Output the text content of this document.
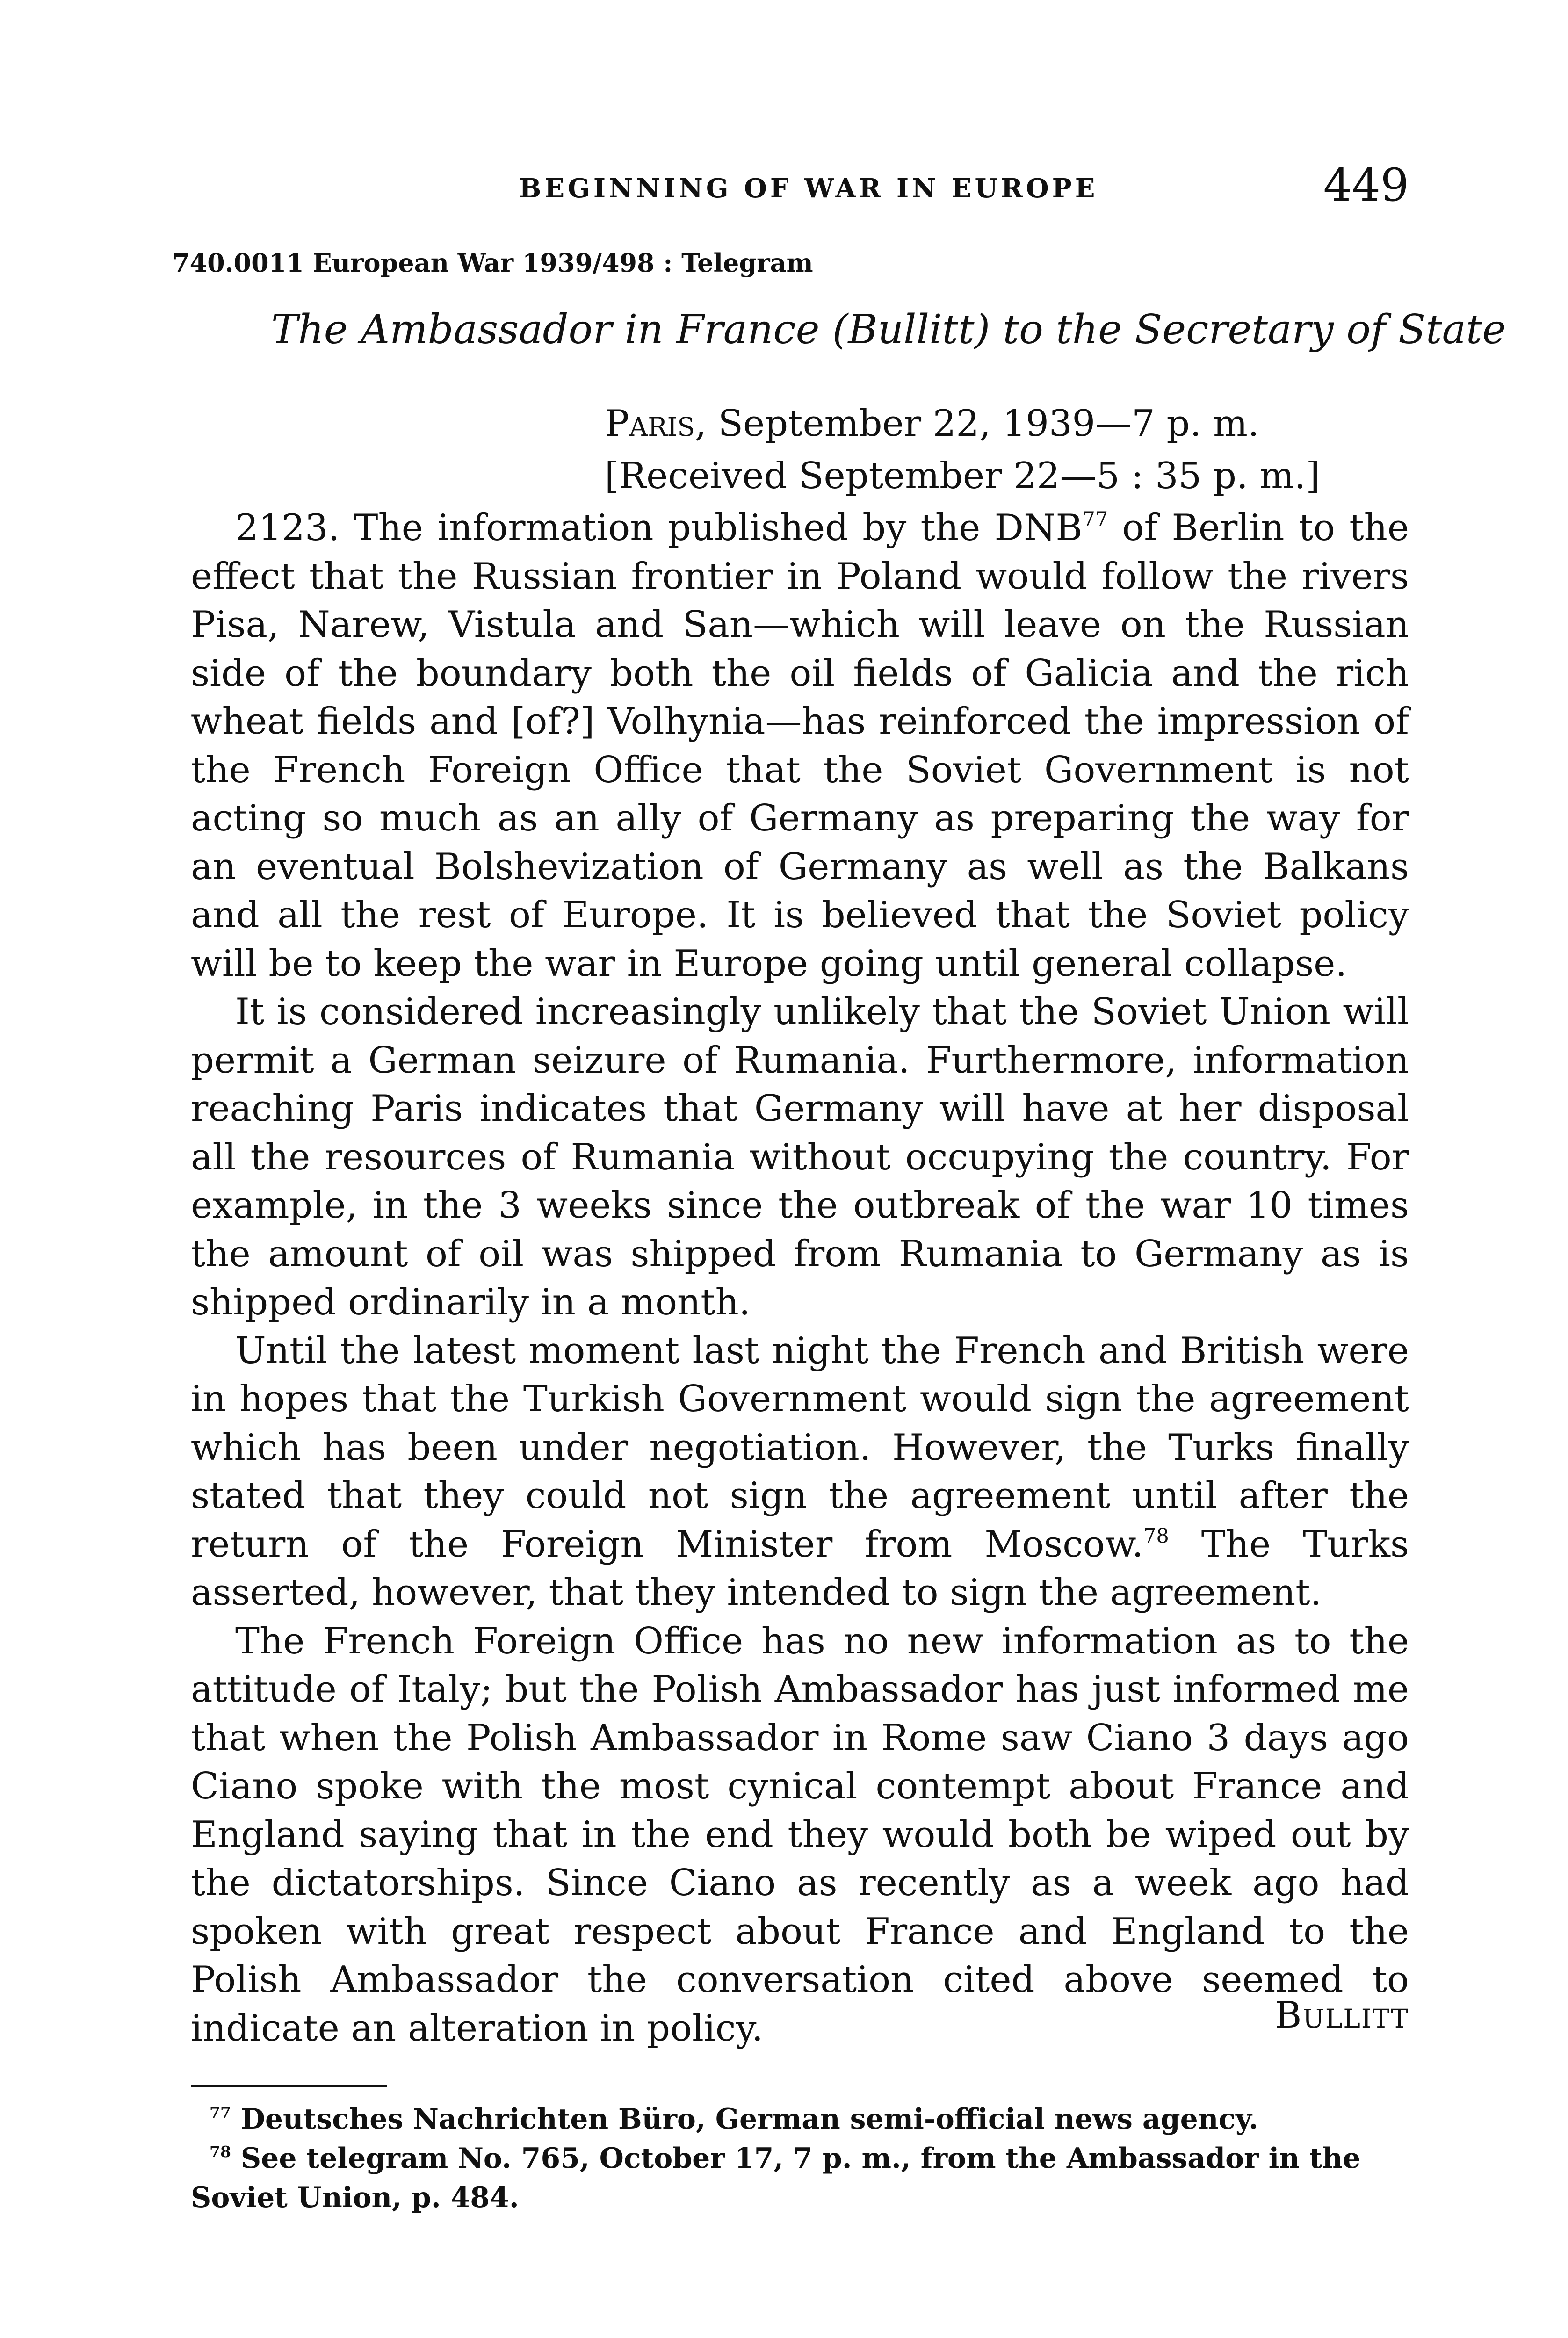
BEGINNING OF WAR IN EUROPE	449
740.0011 European War 1939/498 : Telegram
The Ambassador in France (Bullitt) to the Secretary of State
Paris, September 22, 1939—7 p. m.
[Received September 22—5 : 35 p. m.]

2123. The information published by the DNB$^{77}$ of Berlin to the effect that the Russian frontier in Poland would follow the rivers Pisa, Narew, Vistula and San—which will leave on the Russian side of the boundary both the oil fields of Galicia and the rich wheat fields and [of?] Volhynia—has reinforced the impression of the French Foreign Office that the Soviet Government is not acting so much as an ally of Germany as preparing the way for an eventual Bolshevization of Germany as well as the Balkans and all the rest of Europe. It is believed that the Soviet policy will be to keep the war in Europe going until general collapse.

It is considered increasingly unlikely that the Soviet Union will permit a German seizure of Rumania. Furthermore, information reaching Paris indicates that Germany will have at her disposal all the resources of Rumania without occupying the country. For example, in the 3 weeks since the outbreak of the war 10 times the amount of oil was shipped from Rumania to Germany as is shipped ordinarily in a month.

Until the latest moment last night the French and British were in hopes that the Turkish Government would sign the agreement which has been under negotiation. However, the Turks finally stated that they could not sign the agreement until after the return of the Foreign Minister from Moscow.$^{78}$ The Turks asserted, however, that they intended to sign the agreement.

The French Foreign Office has no new information as to the attitude of Italy; but the Polish Ambassador has just informed me that when the Polish Ambassador in Rome saw Ciano 3 days ago Ciano spoke with the most cynical contempt about France and England saying that in the end they would both be wiped out by the dictatorships. Since Ciano as recently as a week ago had spoken with great respect about France and England to the Polish Ambassador the conversation cited above seemed to indicate an alteration in policy.	Bullitt

$^{77}$ Deutsches Nachrichten Büro, German semi-official news agency.

$^{78}$ See telegram No. 765, October 17, 7 p. m., from the Ambassador in the Soviet Union, p. 484.
